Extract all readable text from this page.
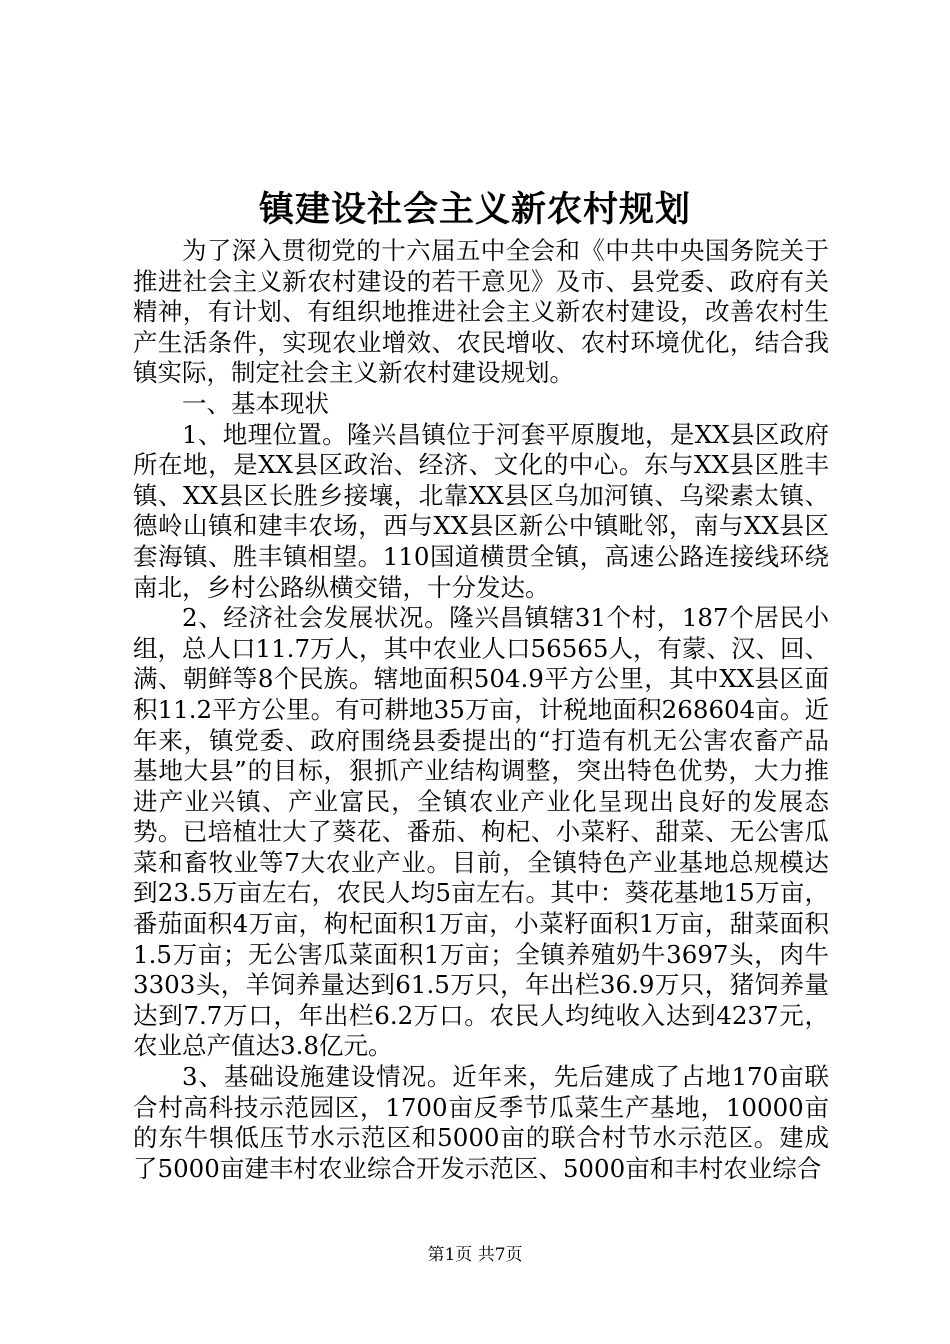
镇建设社会主义新农村规划

为了深入贯彻党的十六届五中全会和《中共中央国务院关于推进社会主义新农村建设的若干意见》及市、县党委、政府有关精神，有计划、有组织地推进社会主义新农村建设，改善农村生产生活条件，实现农业增效、农民增收、农村环境优化，结合我镇实际，制定社会主义新农村建设规划。

一、基本现状

1、地理位置。隆兴昌镇位于河套平原腹地，是XX县区政府所在地，是XX县区政治、经济、文化的中心。东与XX县区胜丰镇、XX县区长胜乡接壤，北靠XX县区乌加河镇、乌梁素太镇、德岭山镇和建丰农场，西与XX县区新公中镇毗邻，南与XX县区套海镇、胜丰镇相望。110国道横贯全镇，高速公路连接线环绕南北，乡村公路纵横交错，十分发达。

2、经济社会发展状况。隆兴昌镇辖31个村，187个居民小组，总人口11.7万人，其中农业人口56565人，有蒙、汉、回、满、朝鲜等8个民族。辖地面积504.9平方公里，其中XX县区面积11.2平方公里。有可耕地35万亩，计税地面积268604亩。近年来，镇党委、政府围绕县委提出的“打造有机无公害农畜产品基地大县”的目标，狠抓产业结构调整，突出特色优势，大力推进产业兴镇、产业富民，全镇农业产业化呈现出良好的发展态势。已培植壮大了葵花、番茄、枸杞、小菜籽、甜菜、无公害瓜菜和畜牧业等7大农业产业。目前，全镇特色产业基地总规模达到23.5万亩左右，农民人均5亩左右。其中：葵花基地15万亩，番茄面积4万亩，枸杞面积1万亩，小菜籽面积1万亩，甜菜面积1.5万亩；无公害瓜菜面积1万亩；全镇养殖奶牛3697头，肉牛3303头，羊饲养量达到61.5万只，年出栏36.9万只，猪饲养量达到7.7万口，年出栏6.2万口。农民人均纯收入达到4237元，农业总产值达3.8亿元。

3、基础设施建设情况。近年来，先后建成了占地170亩联合村高科技示范园区，1700亩反季节瓜菜生产基地，10000亩的东牛犋低压节水示范区和5000亩的联合村节水示范区。建成了5000亩建丰村农业综合开发示范区、5000亩和丰村农业综合

第1页 共7页
